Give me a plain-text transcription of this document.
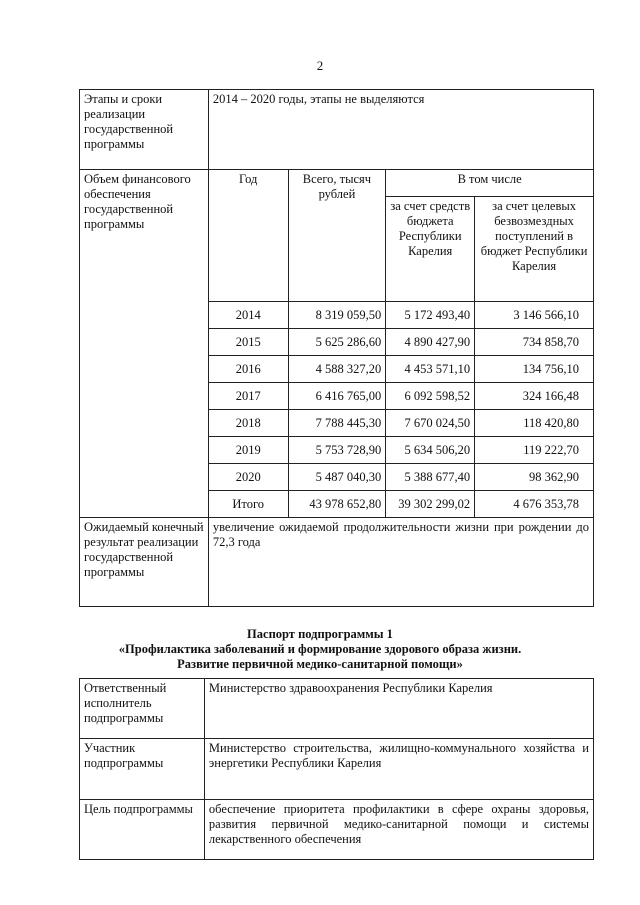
2
Этапы и сроки реализации государственной программы	2014 – 2020 годы, этапы не выделяются			
Объем финансового обеспечения государственной программы	Год	Всего, тысяч рублей	В том числе	
			за счет средств бюджета Республики Карелия	за счет целевых безвозмездных поступлений в бюджет Республики Карелия
	2014	8 319 059,50	5 172 493,40	3 146 566,10
	2015	5 625 286,60	4 890 427,90	734 858,70
	2016	4 588 327,20	4 453 571,10	134 756,10
	2017	6 416 765,00	6 092 598,52	324 166,48
	2018	7 788 445,30	7 670 024,50	118 420,80
	2019	5 753 728,90	5 634 506,20	119 222,70
	2020	5 487 040,30	5 388 677,40	98 362,90
	Итого	43 978 652,80	39 302 299,02	4 676 353,78
Ожидаемый конечный результат реализации государственной программы	увеличение ожидаемой продолжительности жизни при рождении до 72,3 года			
Паспорт подпрограммы 1
«Профилактика заболеваний и формирование здорового образа жизни.
Развитие первичной медико-санитарной помощи»
Ответственный исполнитель подпрограммы	Министерство здравоохранения Республики Карелия
Участник подпрограммы	Министерство строительства, жилищно-коммунального хозяйства и энергетики Республики Карелия
Цель подпрограммы	обеспечение приоритета профилактики в сфере охраны здоровья, развития первичной медико-санитарной помощи и системы лекарственного обеспечения
